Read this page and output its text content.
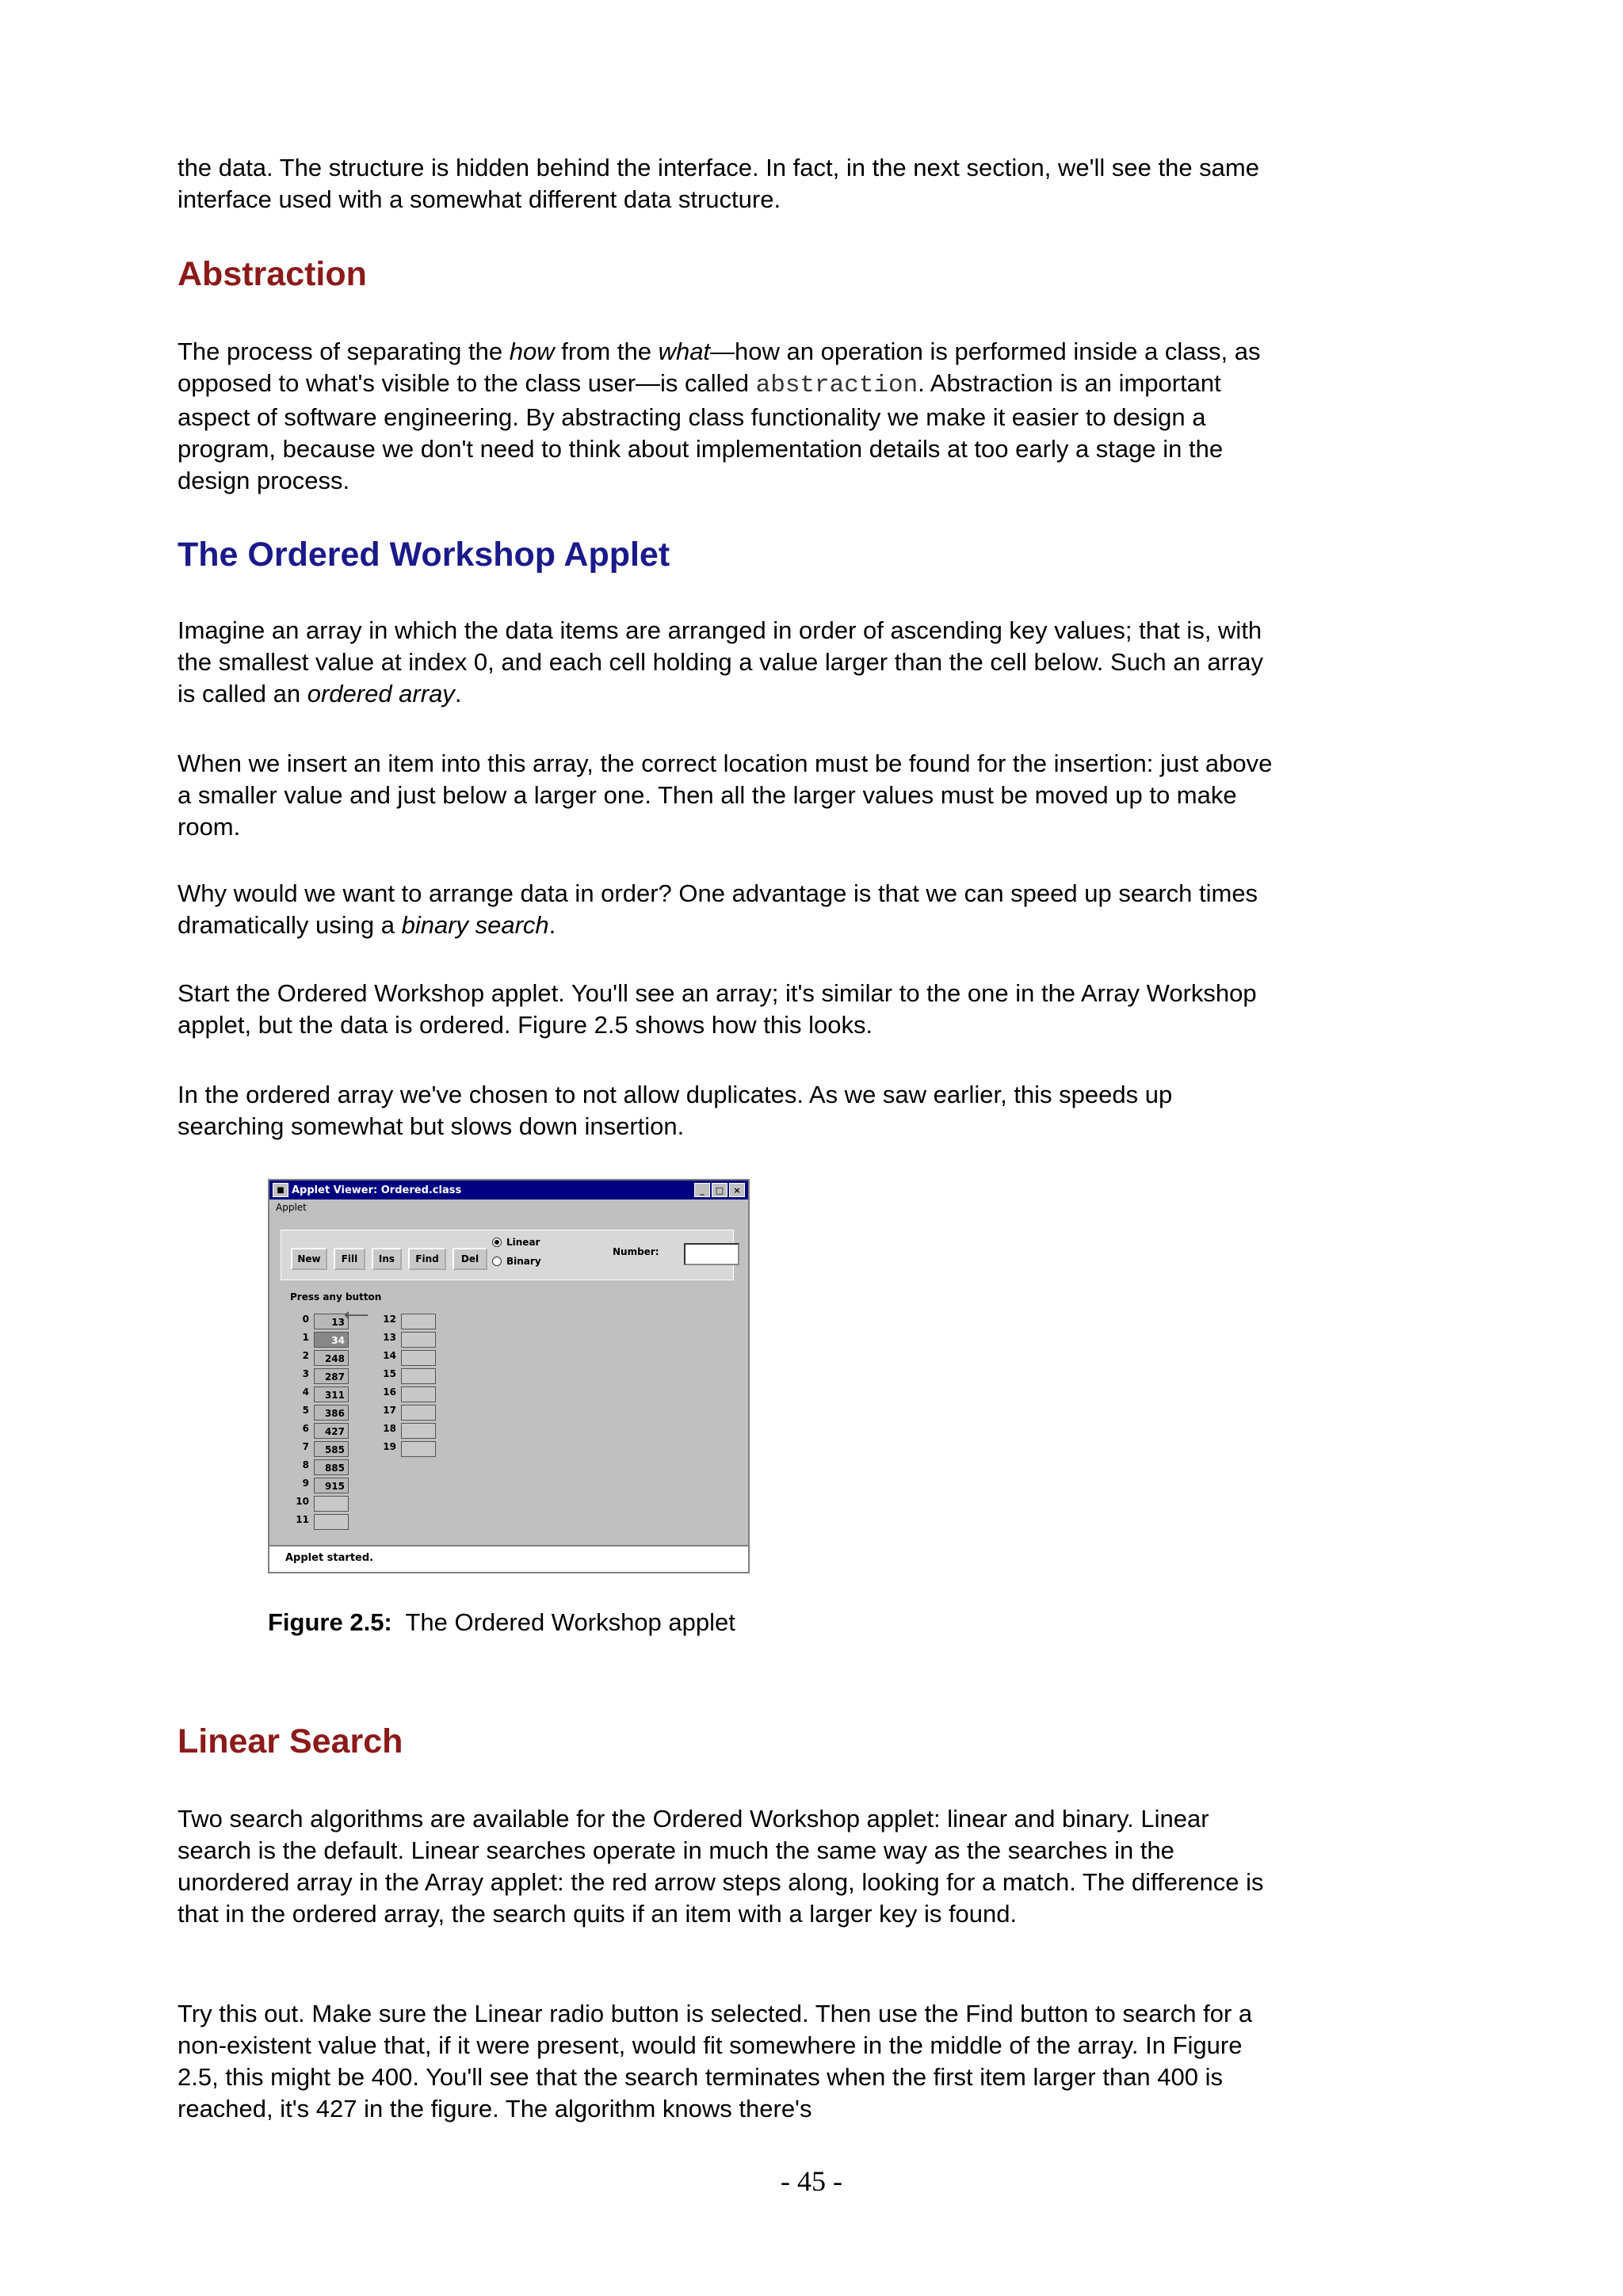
the data. The structure is hidden behind the interface. In fact, in the next section, we'll see the same interface used with a somewhat different data structure.

Abstraction

The process of separating the how from the what—how an operation is performed inside a class, as opposed to what's visible to the class user—is called abstraction. Abstraction is an important aspect of software engineering. By abstracting class functionality we make it easier to design a program, because we don't need to think about implementation details at too early a stage in the design process.

The Ordered Workshop Applet

Imagine an array in which the data items are arranged in order of ascending key values; that is, with the smallest value at index 0, and each cell holding a value larger than the cell below. Such an array is called an ordered array.

When we insert an item into this array, the correct location must be found for the insertion: just above a smaller value and just below a larger one. Then all the larger values must be moved up to make room.

Why would we want to arrange data in order? One advantage is that we can speed up search times dramatically using a binary search.

Start the Ordered Workshop applet. You'll see an array; it's similar to the one in the Array Workshop applet, but the data is ordered. Figure 2.5 shows how this looks.

In the ordered array we've chosen to not allow duplicates. As we saw earlier, this speeds up searching somewhat but slows down insertion.

Linear Search

Two search algorithms are available for the Ordered Workshop applet: linear and binary. Linear search is the default. Linear searches operate in much the same way as the searches in the unordered array in the Array applet: the red arrow steps along, looking for a match. The difference is that in the ordered array, the search quits if an item with a larger key is found.

Try this out. Make sure the Linear radio button is selected. Then use the Find button to search for a non-existent value that, if it were present, would fit somewhere in the middle of the array. In Figure 2.5, this might be 400. You'll see that the search terminates when the first item larger than 400 is reached, it's 427 in the figure. The algorithm knows there's

■ Applet Viewer: Ordered.class	_	□	×
Applet
New	Fill	Ins	Find	Del
Linear
Binary
Number:
Press any button
0	13
1	34
2	248
3	287
4	311
5	386
6	427
7	585
8	885
9	915
10
11
12
13
14
15
16
17
18
19
⟵
Applet started.
Figure 2.5: The Ordered Workshop applet
- 45 -
